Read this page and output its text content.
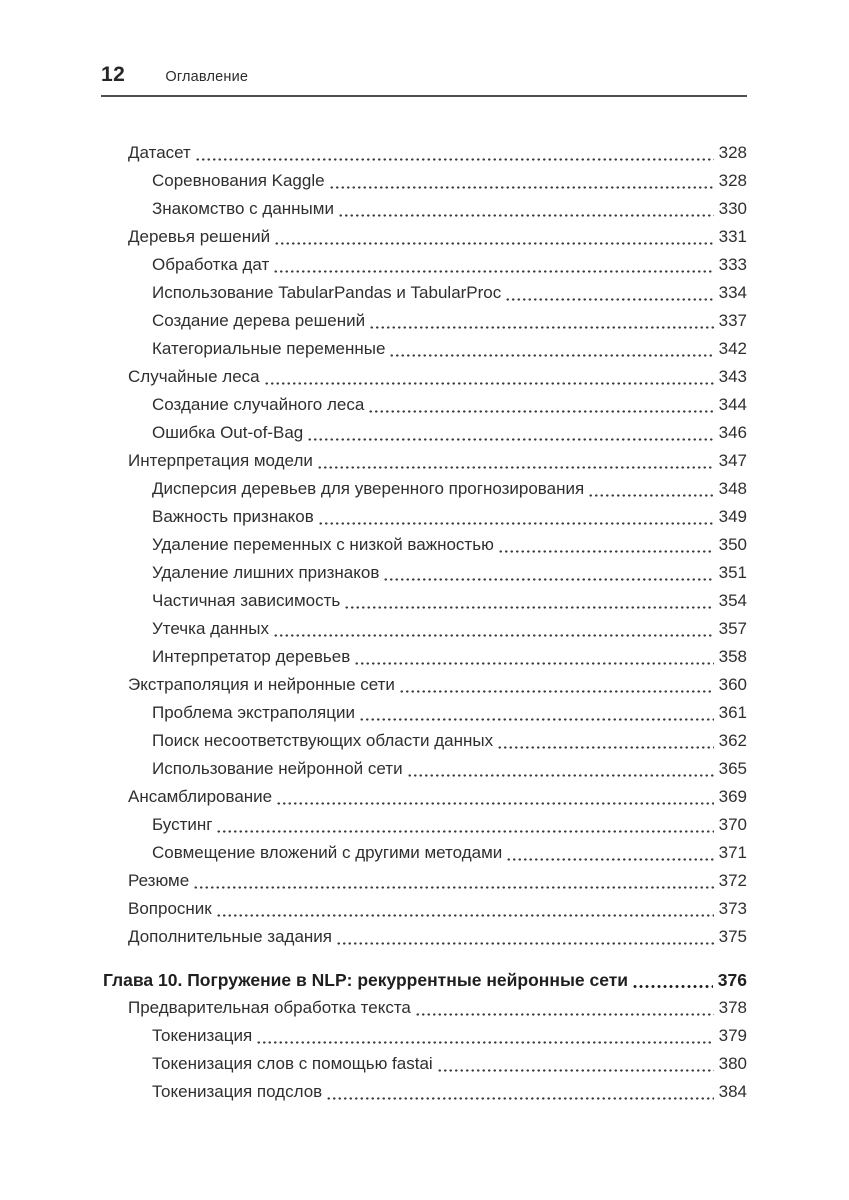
12	Оглавление
Датасет	328
Соревнования Kaggle	328
Знакомство с данными	330
Деревья решений	331
Обработка дат	333
Использование TabularPandas и TabularProc	334
Создание дерева решений	337
Категориальные переменные	342
Случайные леса	343
Создание случайного леса	344
Ошибка Out-of-Bag	346
Интерпретация модели	347
Дисперсия деревьев для уверенного прогнозирования	348
Важность признаков	349
Удаление переменных с низкой важностью	350
Удаление лишних признаков	351
Частичная зависимость	354
Утечка данных	357
Интерпретатор деревьев	358
Экстраполяция и нейронные сети	360
Проблема экстраполяции	361
Поиск несоответствующих области данных	362
Использование нейронной сети	365
Ансамблирование	369
Бустинг	370
Совмещение вложений с другими методами	371
Резюме	372
Вопросник	373
Дополнительные задания	375
Глава 10. Погружение в NLP: рекуррентные нейронные сети	376
Предварительная обработка текста	378
Токенизация	379
Токенизация слов с помощью fastai	380
Токенизация подслов	384
